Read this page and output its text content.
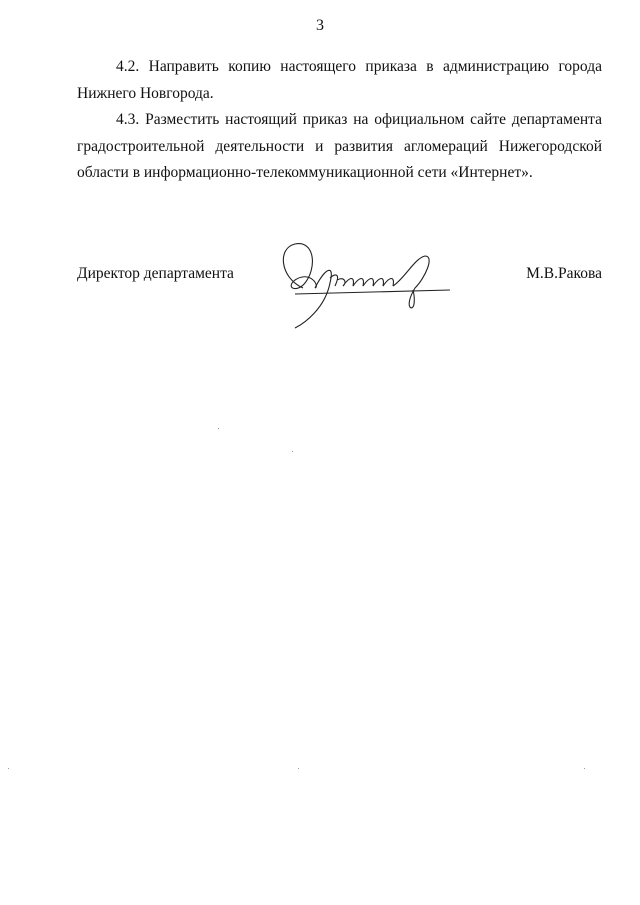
3
4.2. Направить копию настоящего приказа в администрацию города
Нижнего Новгорода.
4.3. Разместить настоящий приказ на официальном сайте департамента
градостроительной деятельности и развития агломераций Нижегородской
области в информационно-телекоммуникационной сети «Интернет».
Директор департамента	М.В.Ракова
